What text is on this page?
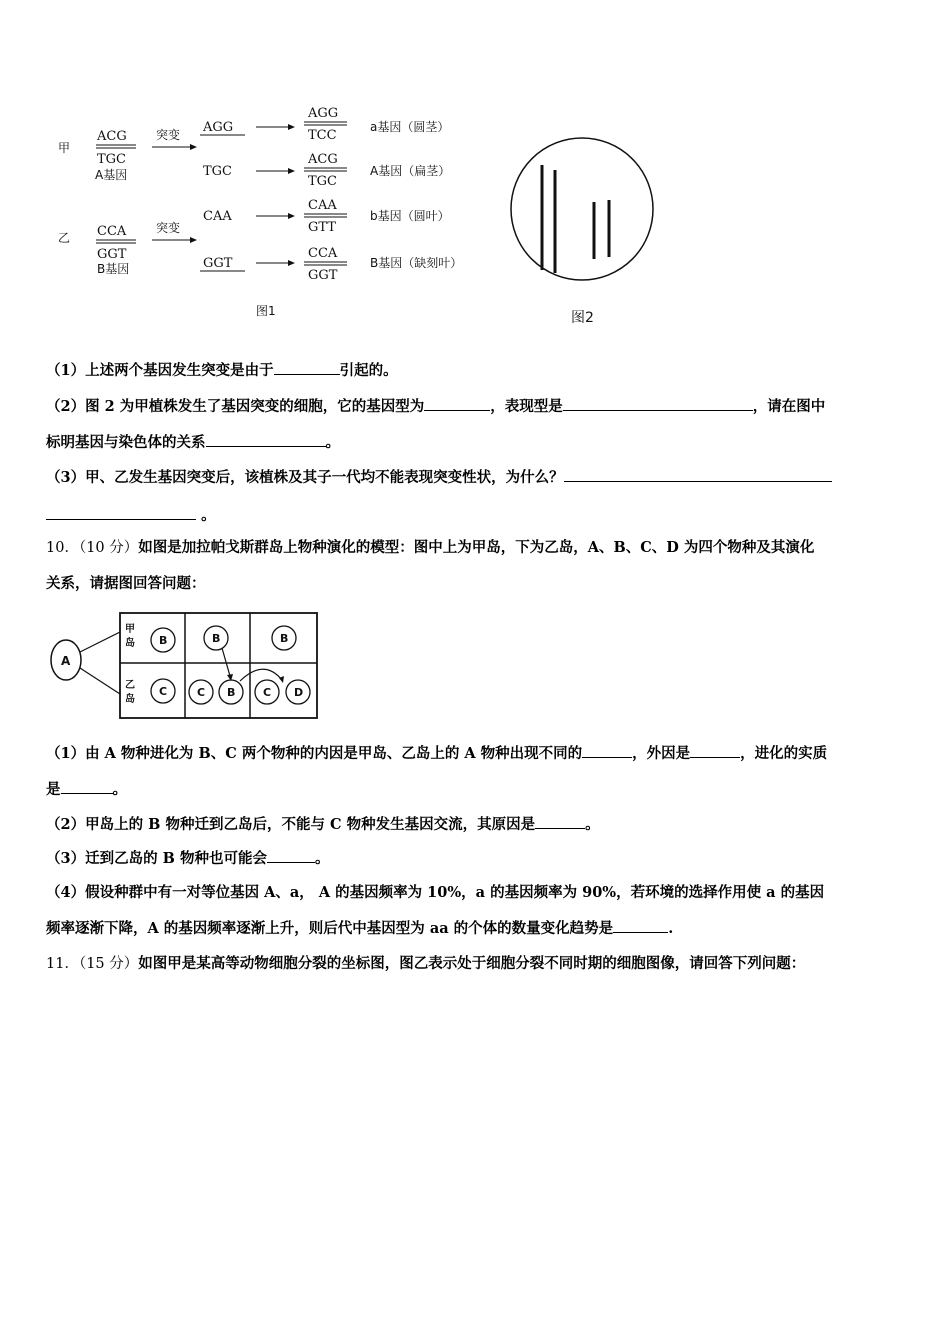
甲
乙
ACG
TGC
A基因
CCA
GGT
B基因
突变
突变
AGG
AGG
TCC
a基因（圆茎）
TGC
ACG
TGC
A基因（扁茎）
CAA
CAA
GTT
b基因（圆叶）
GGT
CCA
GGT
B基因（缺刻叶）
图1	图2
（1）上述两个基因发生突变是由于	引起的。
（2）图 2 为甲植株发生了基因突变的细胞，它的基因型为	，表现型是	，请在图中
标明基因与染色体的关系	。
（3）甲、乙发生基因突变后，该植株及其子一代均不能表现突变性状，为什么？
。
10．（10 分）如图是加拉帕戈斯群岛上物种演化的模型：图中上为甲岛，下为乙岛，A、B、C、D 为四个物种及其演化
关系，请据图回答问题：
A
甲
岛
乙
岛
B	B	B
C	C B	C D
（1）由 A 物种进化为 B、C 两个物种的内因是甲岛、乙岛上的 A 物种出现不同的	，外因是	，进化的实质
是	。
（2）甲岛上的 B 物种迁到乙岛后，不能与 C 物种发生基因交流，其原因是	。
（3）迁到乙岛的 B 物种也可能会	。
（4）假设种群中有一对等位基因 A、a， A 的基因频率为 10%，a 的基因频率为 90%，若环境的选择作用使 a 的基因
频率逐渐下降，A 的基因频率逐渐上升，则后代中基因型为 aa 的个体的数量变化趋势是	.
11．（15 分）如图甲是某高等动物细胞分裂的坐标图，图乙表示处于细胞分裂不同时期的细胞图像，请回答下列问题：
